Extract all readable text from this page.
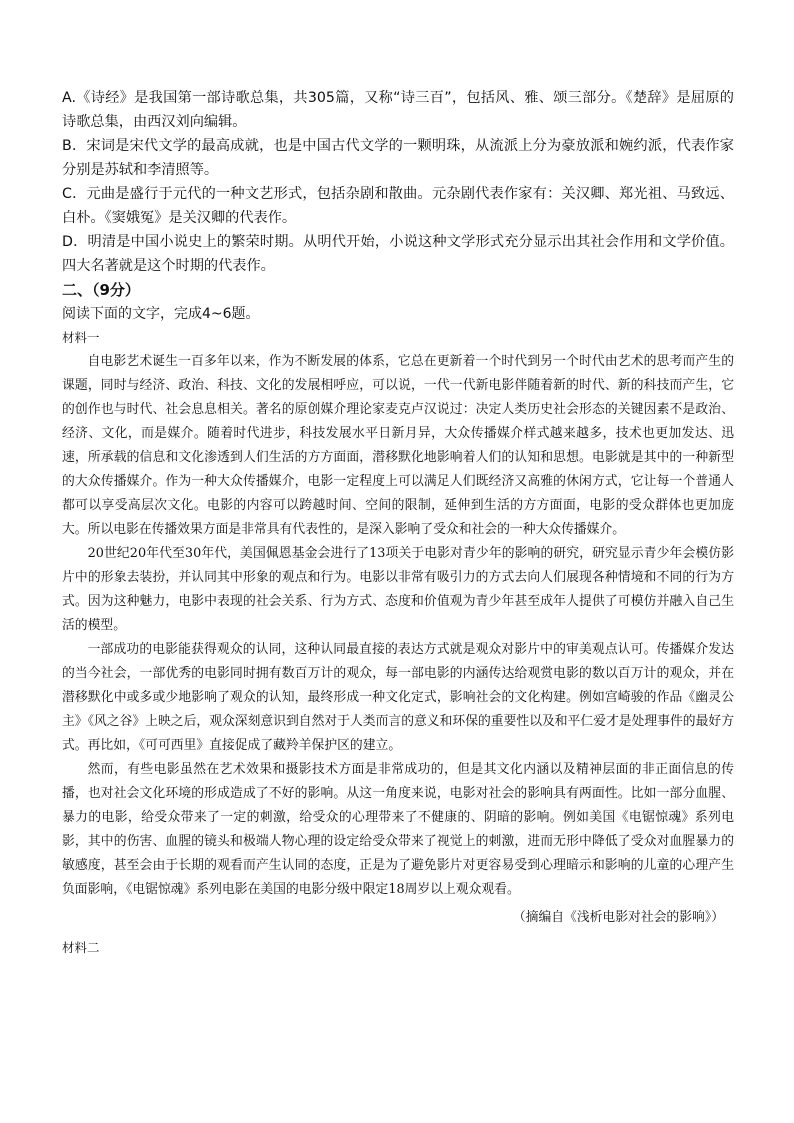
A.《诗经》是我国第一部诗歌总集，共305篇，又称“诗三百”，包括风、雅、颂三部分。《楚辞》是屈原的诗歌总集，由西汉刘向编辑。

B．宋词是宋代文学的最高成就，也是中国古代文学的一颗明珠，从流派上分为豪放派和婉约派，代表作家分别是苏轼和李清照等。

C．元曲是盛行于元代的一种文艺形式，包括杂剧和散曲。元杂剧代表作家有：关汉卿、郑光祖、马致远、白朴。《窦娥冤》是关汉卿的代表作。

D．明清是中国小说史上的繁荣时期。从明代开始，小说这种文学形式充分显示出其社会作用和文学价值。四大名著就是这个时期的代表作。

二、（9分）

阅读下面的文字，完成4~6题。

材料一

自电影艺术诞生一百多年以来，作为不断发展的体系，它总在更新着一个时代到另一个时代由艺术的思考而产生的课题，同时与经济、政治、科技、文化的发展相呼应，可以说，一代一代新电影伴随着新的时代、新的科技而产生，它的创作也与时代、社会息息相关。著名的原创媒介理论家麦克卢汉说过：决定人类历史社会形态的关键因素不是政治、经济、文化，而是媒介。随着时代进步，科技发展水平日新月异，大众传播媒介样式越来越多，技术也更加发达、迅速，所承载的信息和文化渗透到人们生活的方方面面，潜移默化地影响着人们的认知和思想。电影就是其中的一种新型的大众传播媒介。作为一种大众传播媒介，电影一定程度上可以满足人们既经济又高雅的休闲方式，它让每一个普通人都可以享受高层次文化。电影的内容可以跨越时间、空间的限制，延伸到生活的方方面面，电影的受众群体也更加庞大。所以电影在传播效果方面是非常具有代表性的，是深入影响了受众和社会的一种大众传播媒介。

20世纪20年代至30年代，美国佩恩基金会进行了13项关于电影对青少年的影响的研究，研究显示青少年会模仿影片中的形象去装扮，并认同其中形象的观点和行为。电影以非常有吸引力的方式去向人们展现各种情境和不同的行为方式。因为这种魅力，电影中表现的社会关系、行为方式、态度和价值观为青少年甚至成年人提供了可模仿并融入自己生活的模型。

一部成功的电影能获得观众的认同，这种认同最直接的表达方式就是观众对影片中的审美观点认可。传播媒介发达的当今社会，一部优秀的电影同时拥有数百万计的观众，每一部电影的内涵传达给观赏电影的数以百万计的观众，并在潜移默化中或多或少地影响了观众的认知，最终形成一种文化定式，影响社会的文化构建。例如宫崎骏的作品《幽灵公主》《风之谷》上映之后，观众深刻意识到自然对于人类而言的意义和环保的重要性以及和平仁爱才是处理事件的最好方式。再比如，《可可西里》直接促成了藏羚羊保护区的建立。

然而，有些电影虽然在艺术效果和摄影技术方面是非常成功的，但是其文化内涵以及精神层面的非正面信息的传播，也对社会文化环境的形成造成了不好的影响。从这一角度来说，电影对社会的影响具有两面性。比如一部分血腥、暴力的电影，给受众带来了一定的刺激，给受众的心理带来了不健康的、阴暗的影响。例如美国《电锯惊魂》系列电影，其中的伤害、血腥的镜头和极端人物心理的设定给受众带来了视觉上的刺激，进而无形中降低了受众对血腥暴力的敏感度，甚至会由于长期的观看而产生认同的态度，正是为了避免影片对更容易受到心理暗示和影响的儿童的心理产生负面影响，《电锯惊魂》系列电影在美国的电影分级中限定18周岁以上观众观看。

（摘编自《浅析电影对社会的影响》）

材料二
